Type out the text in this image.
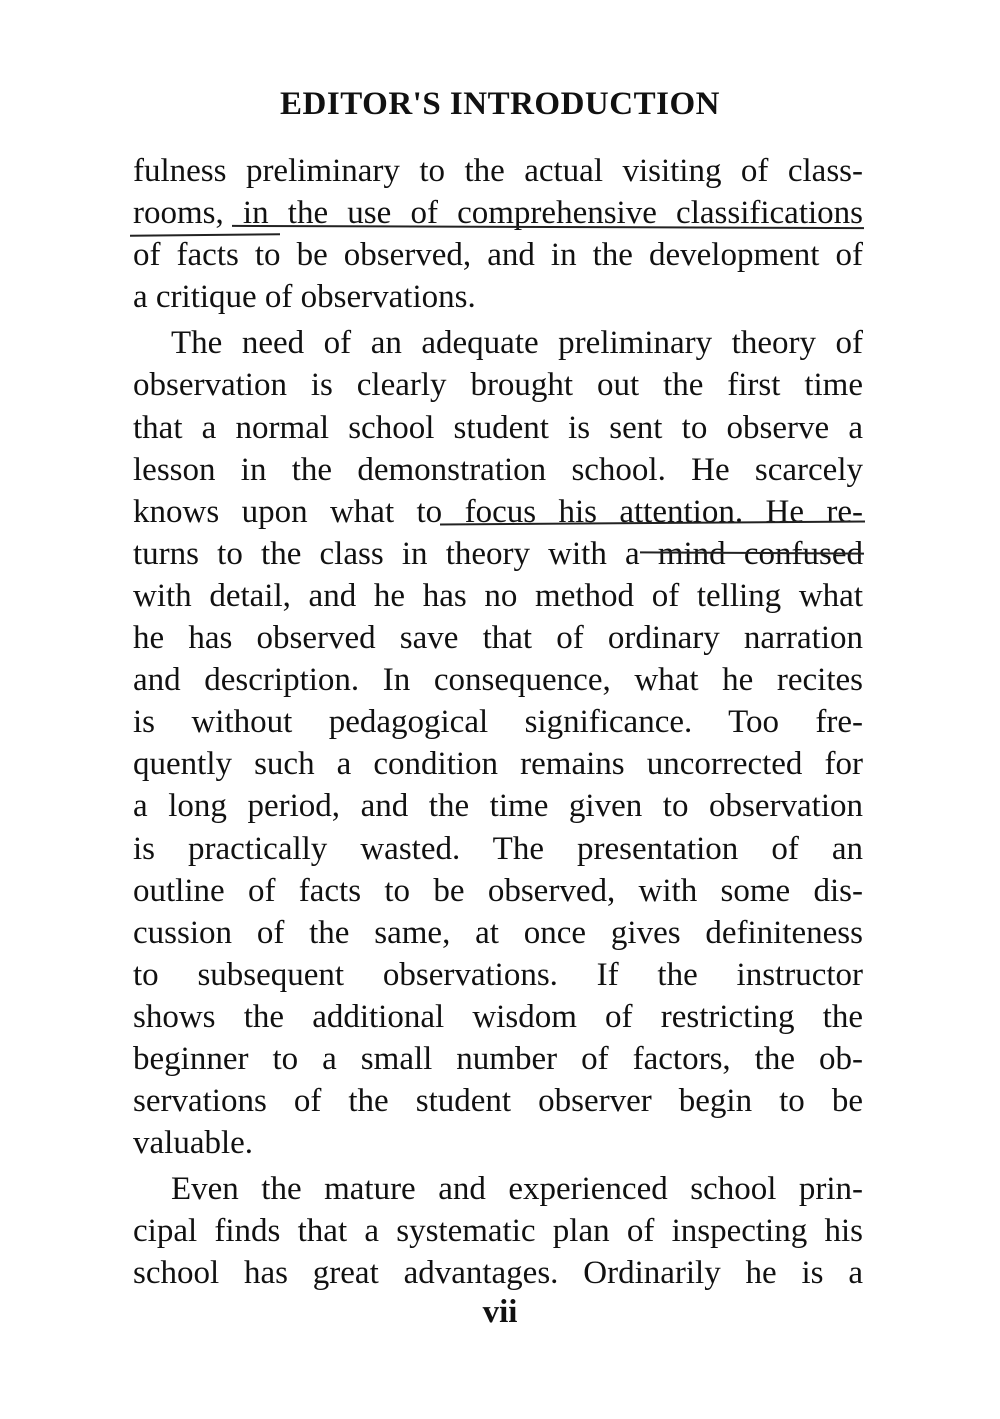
EDITOR'S INTRODUCTION
fulness preliminary to the actual visiting of class-
rooms, in the use of comprehensive classifications
of facts to be observed, and in the development of
a critique of observations.
The need of an adequate preliminary theory of
observation is clearly brought out the first time
that a normal school student is sent to observe a
lesson in the demonstration school. He scarcely
knows upon what to focus his attention. He re-
turns to the class in theory with a mind confused
with detail, and he has no method of telling what
he has observed save that of ordinary narration
and description. In consequence, what he recites
is without pedagogical significance. Too fre-
quently such a condition remains uncorrected for
a long period, and the time given to observation
is practically wasted. The presentation of an
outline of facts to be observed, with some dis-
cussion of the same, at once gives definiteness
to subsequent observations. If the instructor
shows the additional wisdom of restricting the
beginner to a small number of factors, the ob-
servations of the student observer begin to be
valuable.
Even the mature and experienced school prin-
cipal finds that a systematic plan of inspecting his
school has great advantages. Ordinarily he is a
vii
